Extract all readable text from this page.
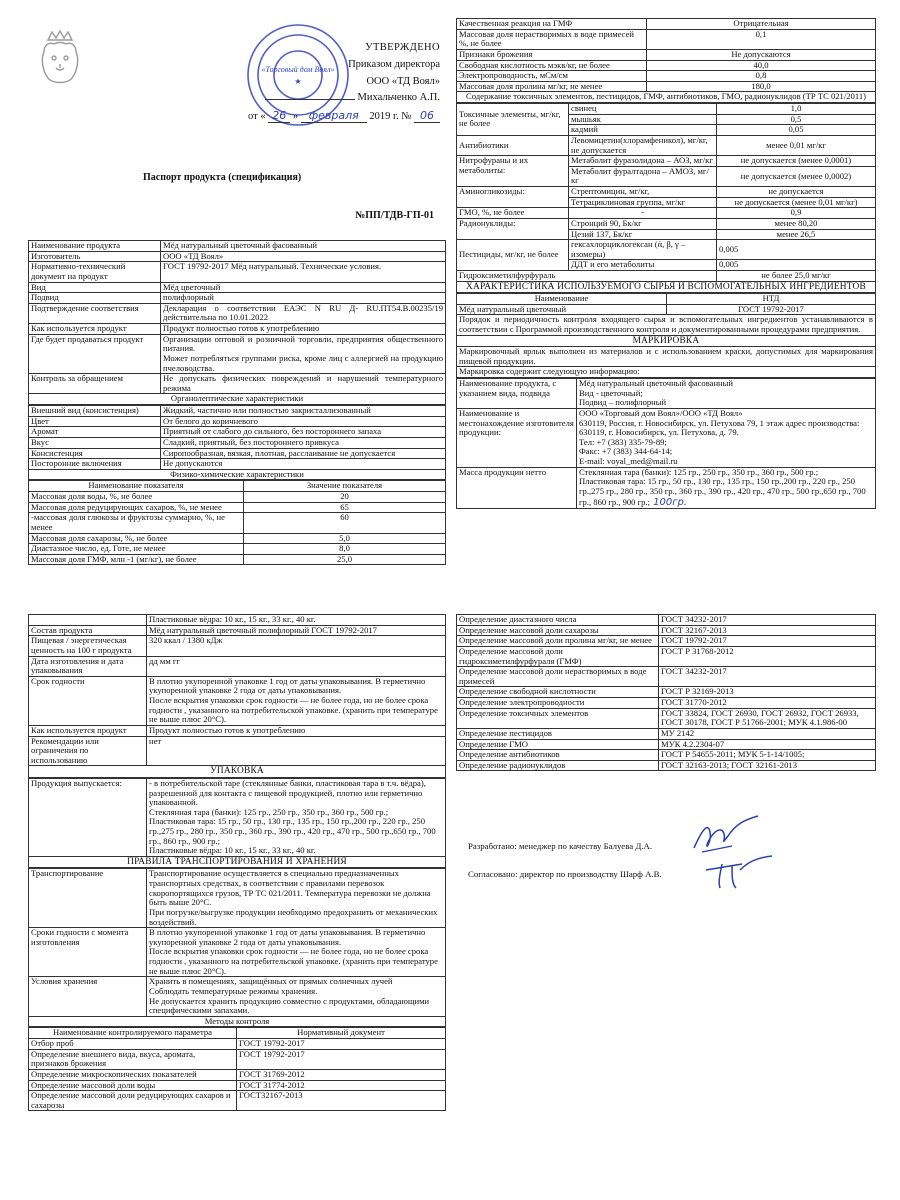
«Торговый дом Воял»
★
УТВЕРЖДЕНО
Приказом директора
ООО «ТД Воял»
Михальченко А.П.
от « 26 » февраля 2019 г. № 06
Паспорт продукта (спецификация)
№ПП/ТДВ-ГП-01
Наименование продукта	Мёд натуральный цветочный фасованный
Изготовитель	ООО «ТД Воял»
Нормативно-технический документ на продукт	ГОСТ 19792-2017 Мёд натуральный. Технические условия.
Вид	Мёд цветочный
Подвид	полифлорный
Подтверждение соответствия	Декларация о соответствии ЕАЭС N RU Д- RU.ПТ54.В.00235/19 действительна по 10.01.2022
Как используется продукт	Продукт полностью готов к употреблению
Где будет продаваться продукт	Организации оптовой и розничной торговли, предприятия общественного питания.
Может потребляться группами риска, кроме лиц с аллергией на продукцию пчеловодства.
Контроль за обращением	Не допускать физических повреждений и нарушений температурного режима
Органолептические характеристики
Внешний вид (консистенция)	Жидкий, частично или полностью закристаллизованный
Цвет	От белого до коричневого
Аромат	Приятный от слабого до сильного, без постороннего запаха
Вкус	Сладкий, приятный, без постороннего привкуса
Консистенция	Сиропообразная, вязкая, плотная, расслаивание не допускается
Посторонние включения	Не допускаются
Физико-химические характеристики
Наименование показателя	Значение показателя
Массовая доля воды, %, не более	20
Массовая доля редуцирующих сахаров, %, не менее	65
-массовая доля глюкозы и фруктозы суммарно, %, не менее	60
Массовая доля сахарозы, %, не более	5,0
Диастазное число, ед. Готе, не менее	8,0
Массовая доля ГМФ, млн -1 (мг/кг), не более	25,0
Качественная реакция на ГМФ	Отрицательная
Массовая доля нерастворимых в воде примесей %, не более	0,1
Признаки брожения	Не допускаются
Свободная кислотность мэкв/кг, не более	40,0
Электропроводность, мСм/см	0,8
Массовая доля пролина мг/кг, не менее	180,0
Содержание токсичных элементов, пестицидов, ГМФ, антибиотиков, ГМО, радионуклидов (ТР ТС 021/2011)
Токсичные элементы, мг/кг, не более	свинец	1,0
	мышьяк	0,5
	кадмий	0,05
Антибиотики	Левомицетин(хлорамфеникол), мг/кг, не допускается	менее 0,01 мг/кг
Нитрофураны и их метаболиты:	Метаболит фуразолидона – АОЗ, мг/кг	не допускается (менее 0,0001)
	Метаболит фуралтадона – АМОЗ, мг/кг	не допускается (менее 0,0002)
Аминогликозиды:	Стрептомицин, мг/кг,	не допускается
	Тетрациклиновая группа, мг/кг	не допускается (менее 0,01 мг/кг)
ГМО, %, не более	-	0,9
Радионуклиды:	Стронций 90, Бк/кг	менее 80,20
	Цезий 137, Бк/кг	менее 26,5
Пестициды, мг/кг, не более	гексахлорциклогексан (ά, β, γ – изомеры)	0,005
	ДДТ и его метаболиты	0,005
Гидроксиметилфурфураль		не более 25,0 мг/кг
ХАРАКТЕРИСТИКА ИСПОЛЬЗУЕМОГО СЫРЬЯ И ВСПОМОГАТЕЛЬНЫХ ИНГРЕДИЕНТОВ
Наименование	НТД
Мёд натуральный цветочный	ГОСТ 19792-2017
Порядок и периодичность контроля входящего сырья и вспомогательных ингредиентов устанавливаются в соответствии с Программой производственного контроля и документированными процедурами предприятия.
МАРКИРОВКА
Маркировочный ярлык выполнен из материалов и с использованием краски, допустимых для маркирования пищевой продукции.
Маркировка содержит следующую информацию:
Наименование продукта, с указанием вида, подвида	Мёд натуральный цветочный фасованный
Вид - цветочный;
Подвид – полифлорный
Наименование и местонахождение изготовителя продукции:	ООО «Торговый дом Воял»/ООО «ТД Воял»
630119, Россия, г. Новосибирск, ул. Петухова 79, 1 этаж адрес производства: 630119, г. Новосибирск, ул. Петухова, д. 79.
Тел: +7 (383) 335-79-89;
Факс: +7 (383) 344-64-14;
E-mail: voyal_med@mail.ru
Масса продукции нетто	Стеклянная тара (банки): 125 гр., 250 гр., 350 гр., 360 гр., 500 гр.;
Пластиковая тара: 15 гр., 50 гр., 130 гр., 135 гр., 150 гр.,200 гр., 220 гр., 250 гр.,275 гр., 280 гр., 350 гр., 360 гр., 390 гр., 420 гр., 470 гр., 500 гр.,650 гр., 700 гр., 860 гр., 900 гр.; 100гр.
	Пластиковые вёдра: 10 кг., 15 кг., 33 кг., 40 кг.
Состав продукта	Мёд натуральный цветочный полифлорный ГОСТ 19792-2017
Пищевая / энергетическая ценность на 100 г продукта	320 ккал / 1380 кДж
Дата изготовления и дата упаковывания	дд мм гг
Срок годности	В плотно укупоренной упаковке 1 год от даты упаковывания. В герметично укупоренной упаковке 2 года от даты упаковывания.
После вскрытия упаковки срок годности — не более года, но не более срока годности , указанного на потребительской упаковке. (хранить при температуре не выше плюс 20°С).
Как используется продукт	Продукт полностью готов к употреблению
Рекомендации или ограничения по использованию	нет
УПАКОВКА
Продукция выпускается:	- в потребительской таре (стеклянные банки, пластиковая тара в т.ч. вёдра), разрешенной для контакта с пищевой продукцией, плотно или герметично упакованной.
Стеклянная тара (банки): 125 гр., 250 гр., 350 гр., 360 гр., 500 гр.;
Пластиковая тара: 15 гр., 50 гр., 130 гр., 135 гр., 150 гр.,200 гр., 220 гр., 250 гр.,275 гр., 280 гр., 350 гр., 360 гр., 390 гр., 420 гр., 470 гр., 500 гр.,650 гр., 700 гр., 860 гр., 900 гр.;
Пластиковые вёдра: 10 кг., 15 кг., 33 кг., 40 кг.
ПРАВИЛА ТРАНСПОРТИРОВАНИЯ И ХРАНЕНИЯ
Транспортирование	Транспортирование осуществляется в специально предназначенных транспортных средствах, в соответствии с правилами перевозок скоропортящихся грузов, ТР ТС 021/2011. Температура перевозки не должна быть выше 20°С.
При погрузке/выгрузке продукции необходимо предохранить от механических воздействий.
Сроки годности с момента изготовления	В плотно укупоренной упаковке 1 год от даты упаковывания. В герметично укупоренной упаковке 2 года от даты упаковывания.
После вскрытия упаковки срок годности — не более года, но не более срока годности , указанного на потребительской упаковке. (хранить при температуре не выше плюс 20°С).
Условия хранения	Хранить в помещениях, защищённых от прямых солнечных лучей
Соблюдать температурные режимы хранения.
Не допускается хранить продукцию совместно с продуктами, обладающими специфическими запахами.
Методы контроля
Наименование контролируемого параметра	Нормативный документ
Отбор проб	ГОСТ 19792-2017
Определение внешнего вида, вкуса, аромата, признаков брожения	ГОСТ 19792-2017
Определение микроскопических показателей	ГОСТ 31769-2012
Определение массовой доли воды	ГОСТ 31774-2012
Определение массовой доли редуцирующих сахаров и сахарозы	ГОСТ32167-2013
Определение диастазного числа	ГОСТ 34232-2017
Определение массовой доли сахарозы	ГОСТ 32167-2013
Определение массовой доли пролина мг/кг, не менее	ГОСТ 19792-2017
Определение массовой доли гидроксиметилфурфураля (ГМФ)	ГОСТ Р 31768-2012
Определение массовой доли нерастворимых в воде примесей	ГОСТ 34232-2017
Определение свободной кислотности	ГОСТ Р 32169-2013
Определение электропроводности	ГОСТ 31770-2012
Определение токсичных элементов	ГОСТ 33824, ГОСТ 26930, ГОСТ 26932, ГОСТ 26933, ГОСТ 30178, ГОСТ Р 51766-2001; МУК 4.1.986-00
Определение пестицидов	МУ 2142
Определение ГМО	МУК 4.2.2304-07
Определение антибиотиков	ГОСТ Р 54655-2011; МУК 5-1-14/1005;
Определение радионуклидов	ГОСТ 32163-2013; ГОСТ 32161-2013
Разработано: менеджер по качеству Балуева Д.А.
Согласовано: директор по производству Шарф А.В.
